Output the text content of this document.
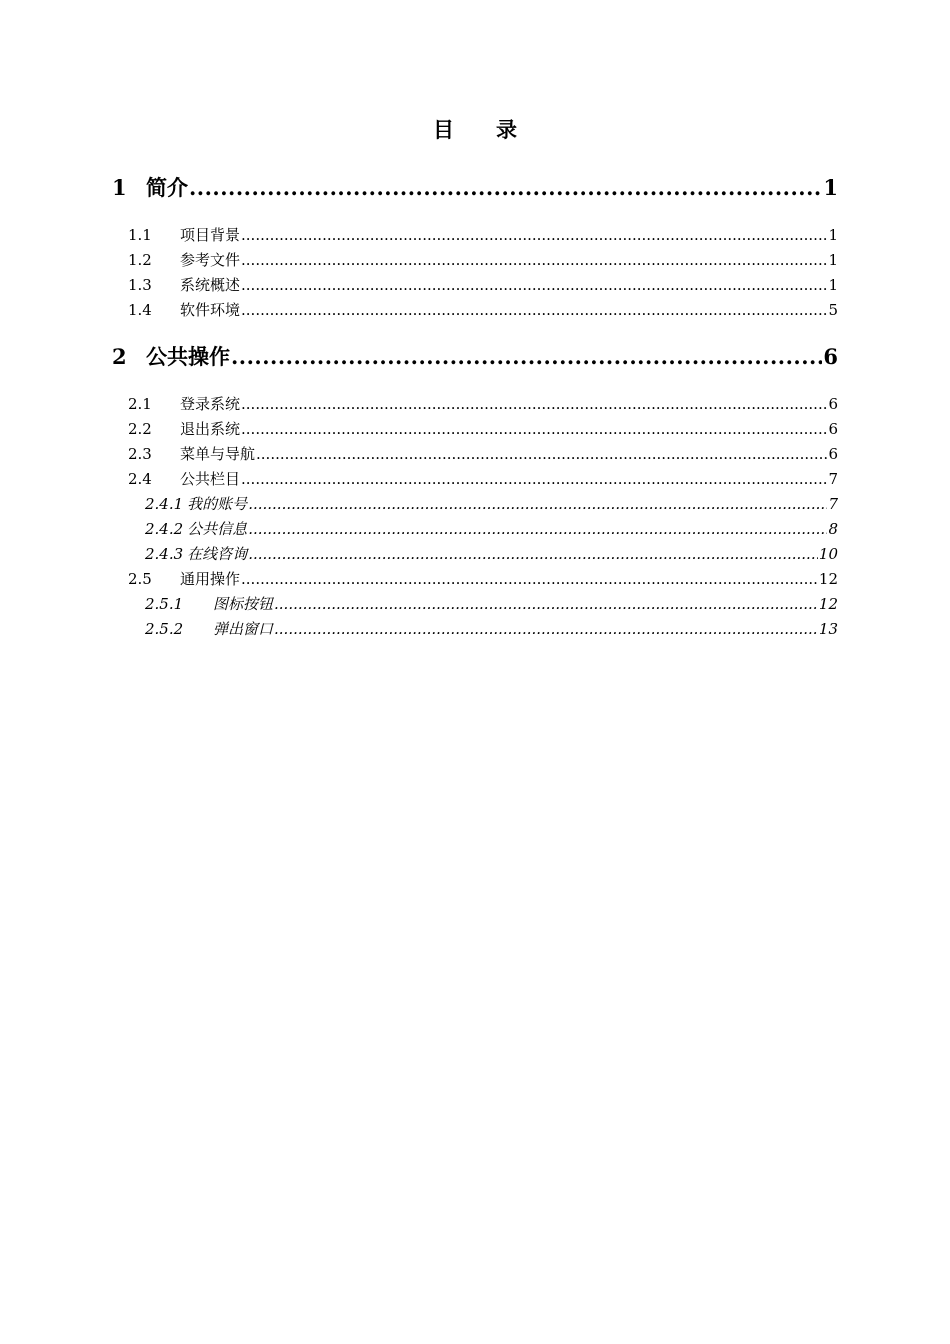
目　　录
1 简介 .....	1
1.1	项目背景 .....	1
1.2	参考文件 .....	1
1.3	系统概述 .....	1
1.4	软件环境 .....	5
2 公共操作 .....	6
2.1	登录系统 .....	6
2.2	退出系统 .....	6
2.3	菜单与导航 .....	6
2.4	公共栏目 .....	7
2.4.1 我的账号 .....	7
2.4.2 公共信息 .....	8
2.4.3 在线咨询 .....	10
2.5	通用操作 .....	12
2.5.1	图标按钮 .....	12
2.5.2	弹出窗口 .....	13
